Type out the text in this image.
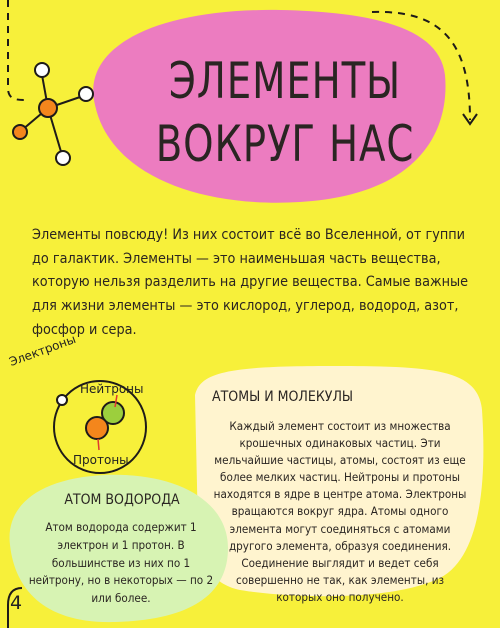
ЭЛЕМЕНТЫ
ВОКРУГ НАС
Элементы повсюду! Из них состоит всё во Вселенной, от гуппи до галактик. Элементы — это наименьшая часть вещества, которую нельзя разделить на другие вещества. Самые важные для жизни элементы — это кислород, углерод, водород, азот, фосфор и сера.
Электроны
Нейтроны
Протоны
АТОМ ВОДОРОДА
Атом водорода содержит 1 электрон и 1 протон. В большинстве из них по 1 нейтрону, но в некоторых — по 2 или более.
АТОМЫ И МОЛЕКУЛЫ
Каждый элемент состоит из множества крошечных одинаковых частиц. Эти мельчайшие частицы, атомы, состоят из еще более мелких частиц. Нейтроны и протоны находятся в ядре в центре атома. Электроны вращаются вокруг ядра. Атомы одного элемента могут соединяться с атомами другого элемента, образуя соединения. Соединение выглядит и ведет себя совершенно не так, как элементы, из которых оно получено.
4
